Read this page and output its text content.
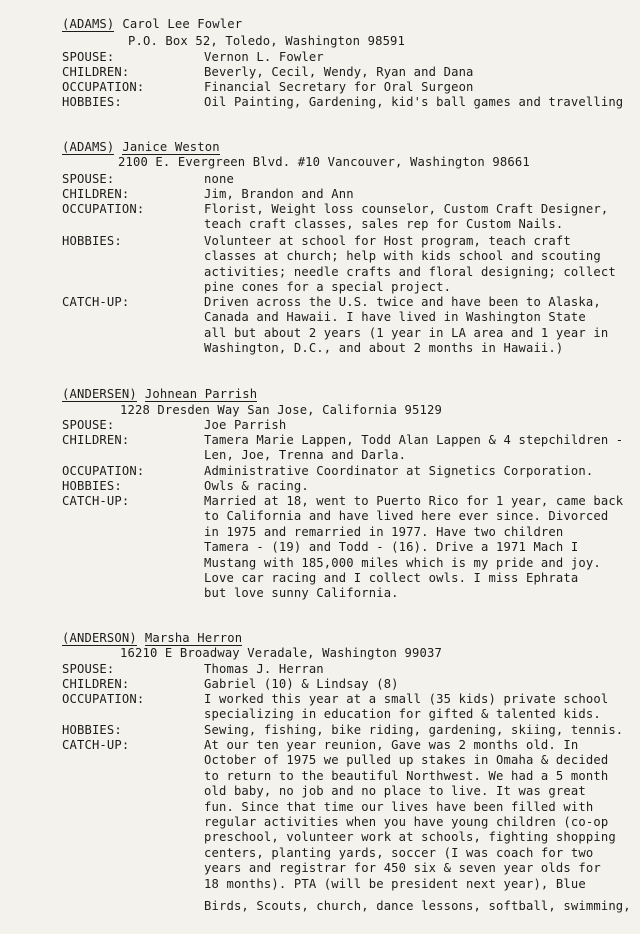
(ADAMS) Carol Lee Fowler
P.O. Box 52, Toledo, Washington 98591
SPOUSE:	Vernon L. Fowler
CHILDREN:	Beverly, Cecil, Wendy, Ryan and Dana
OCCUPATION:	Financial Secretary for Oral Surgeon
HOBBIES:	Oil Painting, Gardening, kid's ball games and travelling
(ADAMS) Janice Weston
2100 E. Evergreen Blvd. #10 Vancouver, Washington 98661
SPOUSE:	none
CHILDREN:	Jim, Brandon and Ann
OCCUPATION:	Florist, Weight loss counselor, Custom Craft Designer,
teach craft classes, sales rep for Custom Nails.
HOBBIES:	Volunteer at school for Host program, teach craft
classes at church; help with kids school and scouting
activities; needle crafts and floral designing; collect
pine cones for a special project.
CATCH-UP:	Driven across the U.S. twice and have been to Alaska,
Canada and Hawaii. I have lived in Washington State
all but about 2 years (1 year in LA area and 1 year in
Washington, D.C., and about 2 months in Hawaii.)
(ANDERSEN) Johnean Parrish
1228 Dresden Way San Jose, California 95129
SPOUSE:	Joe Parrish
CHILDREN:	Tamera Marie Lappen, Todd Alan Lappen & 4 stepchildren -
Len, Joe, Trenna and Darla.
OCCUPATION:	Administrative Coordinator at Signetics Corporation.
HOBBIES:	Owls & racing.
CATCH-UP:	Married at 18, went to Puerto Rico for 1 year, came back
to California and have lived here ever since. Divorced
in 1975 and remarried in 1977. Have two children
Tamera - (19) and Todd - (16). Drive a 1971 Mach I
Mustang with 185,000 miles which is my pride and joy.
Love car racing and I collect owls. I miss Ephrata
but love sunny California.
(ANDERSON) Marsha Herron
16210 E Broadway Veradale, Washington 99037
SPOUSE:	Thomas J. Herran
CHILDREN:	Gabriel (10) & Lindsay (8)
OCCUPATION:	I worked this year at a small (35 kids) private school
specializing in education for gifted & talented kids.
HOBBIES:	Sewing, fishing, bike riding, gardening, skiing, tennis.
CATCH-UP:	At our ten year reunion, Gave was 2 months old. In
October of 1975 we pulled up stakes in Omaha & decided
to return to the beautiful Northwest. We had a 5 month
old baby, no job and no place to live. It was great
fun. Since that time our lives have been filled with
regular activities when you have young children (co-op
preschool, volunteer work at schools, fighting shopping
centers, planting yards, soccer (I was coach for two
years and registrar for 450 six & seven year olds for
18 months). PTA (will be president next year), Blue
Birds, Scouts, church, dance lessons, softball, swimming,
